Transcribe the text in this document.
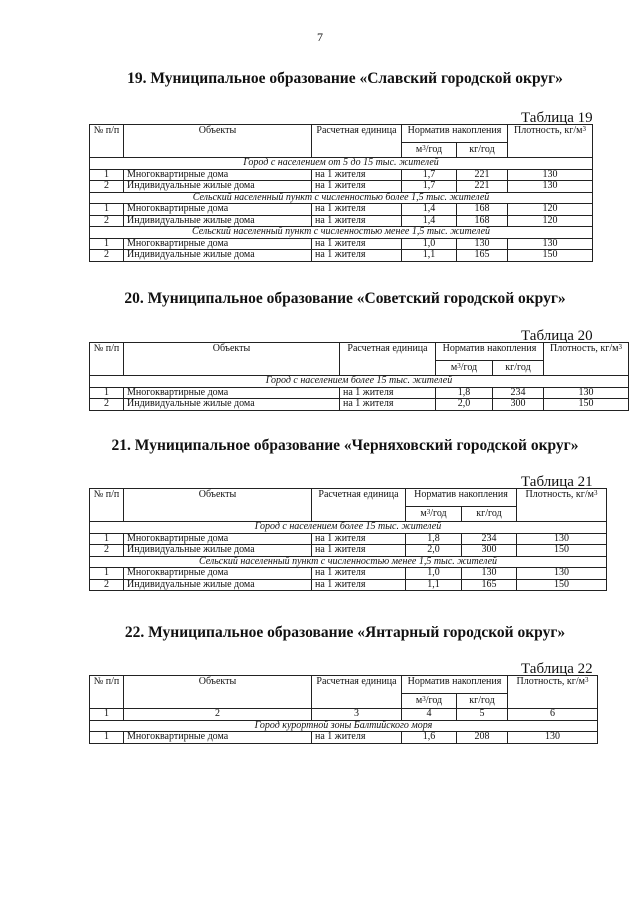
7
19. Муниципальное образование «Славский городской округ»
Таблица 19
№ п/п	Объекты	Расчетная единица	Норматив накопления		Плотность, $кг/м^3$
			$м^3$/год	кг/год	
Город с населением от 5 до 15 тыс. жителей					
1	Многоквартирные дома	на 1 жителя	1,7	221	130
2	Индивидуальные жилые дома	на 1 жителя	1,7	221	130
Сельский населенный пункт с численностью более 1,5 тыс. жителей					
1	Многоквартирные дома	на 1 жителя	1,4	168	120
2	Индивидуальные жилые дома	на 1 жителя	1,4	168	120
Сельский населенный пункт с численностью менее 1,5 тыс. жителей					
1	Многоквартирные дома	на 1 жителя	1,0	130	130
2	Индивидуальные жилые дома	на 1 жителя	1,1	165	150
20. Муниципальное образование «Советский городской округ»
Таблица 20
№ п/п	Объекты	Расчетная единица	Норматив накопления		Плотность, $кг/м^3$
			$м^3$/год	кг/год	
Город с населением более 15 тыс. жителей					
1	Многоквартирные дома	на 1 жителя	1,8	234	130
2	Индивидуальные жилые дома	на 1 жителя	2,0	300	150
21. Муниципальное образование «Черняховский городской округ»
Таблица 21
№ п/п	Объекты	Расчетная единица	Норматив накопления		Плотность, $кг/м^3$
			$м^3$/год	кг/год	
Город с населением более 15 тыс. жителей					
1	Многоквартирные дома	на 1 жителя	1,8	234	130
2	Индивидуальные жилые дома	на 1 жителя	2,0	300	150
Сельский населенный пункт с численностью менее 1,5 тыс. жителей					
1	Многоквартирные дома	на 1 жителя	1,0	130	130
2	Индивидуальные жилые дома	на 1 жителя	1,1	165	150
22. Муниципальное образование «Янтарный городской округ»
Таблица 22
№ п/п	Объекты	Расчетная единица	Норматив накопления		Плотность, $кг/м^3$
			$м^3$/год	кг/год	
1	2	3	4	5	6
Город курортной зоны Балтийского моря					
1	Многоквартирные дома	на 1 жителя	1,6	208	130
